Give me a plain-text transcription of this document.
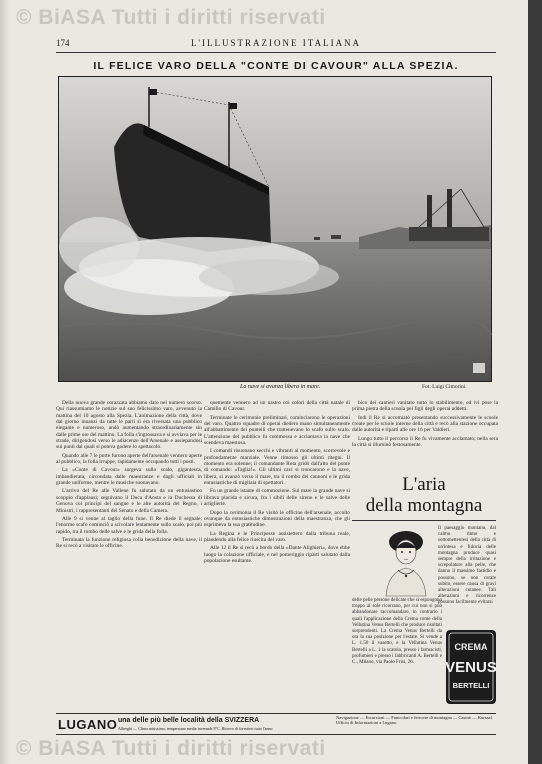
© BiASA Tutti i diritti riservati
174	L'ILLUSTRAZIONE ITALIANA
IL FELICE VARO DELLA "CONTE DI CAVOUR" ALLA SPEZIA.
La nave si avanza libera in mare.	Fot. Luigi Cimorini.

Della nuova grande corazzata abbiamo dato nel numero scorso. Qui riassumiamo le notizie sul suo felicissimo varo, avvenuto la mattina del 10 agosto alla Spezia. L'animazione della città, dove dal giorno innanzi da tutte le parti si era riversata una pubblico elegante e numeroso, andò aumentando straordinariamente sin dalle prime ore del mattino. La folla s'ingrossava e si avviava per le strade, dirigendosi verso le adiacenze dell'Arsenale e assiepandosi sui punti dai quali si poteva godere lo spettacolo.

Quando alle 7 le porte furono aperte dell'arsenale vennero aperte al pubblico, la folla irruppe, rapidamente occupando tutti i posti.

La «Conte di Cavour» sorgeva sullo scalo, gigantesca, imbandierata, circondata dalle maestranze e dagli ufficiali in grande uniforme, mentre le musiche suonavano.

L'arrivo del Re alle Vallene fu salutato da un entusiastico scoppio d'applausi; seguivano il Duca d'Aosta e la Duchessa di Genova coi principi del sangue e le alte autorità del Regno, i Ministri, i rappresentanti del Senato e della Camera.

Alle 9 si venne al taglio della fune. Il Re diede il segnale; l'enorme scafo cominciò a scivolare lentamente sullo scalo, poi più rapido, tra il rombo delle salve e le grida della folla.

Terminata la funzione religiosa colla benedizione della nave, il Re si recò a visitare le officine.

quemente vennero ad un nastro coi colori della città natale di Camillo di Cavour.

Terminate le cerimonie preliminari, cominciarono le operazioni del varo. Quattro squadre di operai diedero mano simultaneamente all'abbattimento dei puntelli che trattenevano lo scafo sullo scalo. L'attenzione del pubblico fu commossa e acclamava la nave che scendeva maestosa.

I comandi risuonano secchi e vibranti al momento, scorrevole e profondamente marziale. Venne rimosso gli ultimi ritegni. Il momento era solenne; il comandante Rota gridò dall'alto del ponte di comando: «Taglia!». Gli ultimi cavi si troncarono e la nave, libera, si avanzò verso il mare, tra il rombo dei cannoni e le grida entusiastiche di migliaia di spettatori.

Fu un grande istante di commozione. Sul mare la grande nave si librava placida e sicura, fra i sibili delle sirene e le salve delle artiglierie.

Dopo la cerimonia il Re visitò le officine dell'arsenale, accolto ovunque da entusiastiche dimostrazioni della maestranza, che gli esprimeva la sua gratitudine.

La Regina e le Principesse assistettero dalla tribuna reale, plaudendo alla felice riuscita del varo.

Alle 12 il Re si recò a bordo della «Dante Alighieri», dove ebbe luogo la colazione ufficiale, e nel pomeriggio ripartì salutato dalla popolazione esultante.

bico dei cantieri vanitato tutto lo stabilimento, ed ivi pose la prima pietra della scuola pei figli degli operai addetti.

Indi il Re si accomiatò presentando successivamente le scuole create per le scuole interne della città e recò alla stazione occupata dalle autorità e riparti alle ore 16 per Valdieri.

Lungo tutto il percorso il Re fu vivamente acclamato; nella sera la città si illuminò festosamente.

L'aria
della montagna
Il paesaggio montano, dal calmo ritmo e sottomettentesi della città di un'intesa e fiducia delle montagna produce quasi sempre della irritazione e screpolature alla pelle, che danno il massimo fastidio e possono, se non curate subito, essere causa di gravi alterazioni cutanee. Tali alterazioni e ricorrenze possono facilmente evitarsi
delle pelle persone delicate che si espongono troppo al sole ricorrano, per cui non si può abbandonare raccomandare, in contrario i quali l'applicazione della Crema come della Vellutina Venus Bertelli che produce risultati sorprendenti. La Crema Venus Bertelli da ora la sua posizione per l'estate. Si vende a L. 1.50 il vasetto, e la Vellutina Venus Bertelli a L. 1 la scatola, presso i farmacisti, profumieri e presso i fabbricanti A. Bertelli e C., Milano, via Paolo Frisi, 26.
CREMA
VENUS
BERTELLI
LUGANO una delle più belle località della SVIZZERA
Alberghi — Clima mitissimo, temperatura media invernale 8°C. Ritrovo di forestieri tutto l'anno
Navigazione — Escursioni — Funicolari e ferrovie di montagna — Casinò — Kursaal. Ufficio di Informazioni a Lugano.
© BiASA Tutti i diritti riservati
